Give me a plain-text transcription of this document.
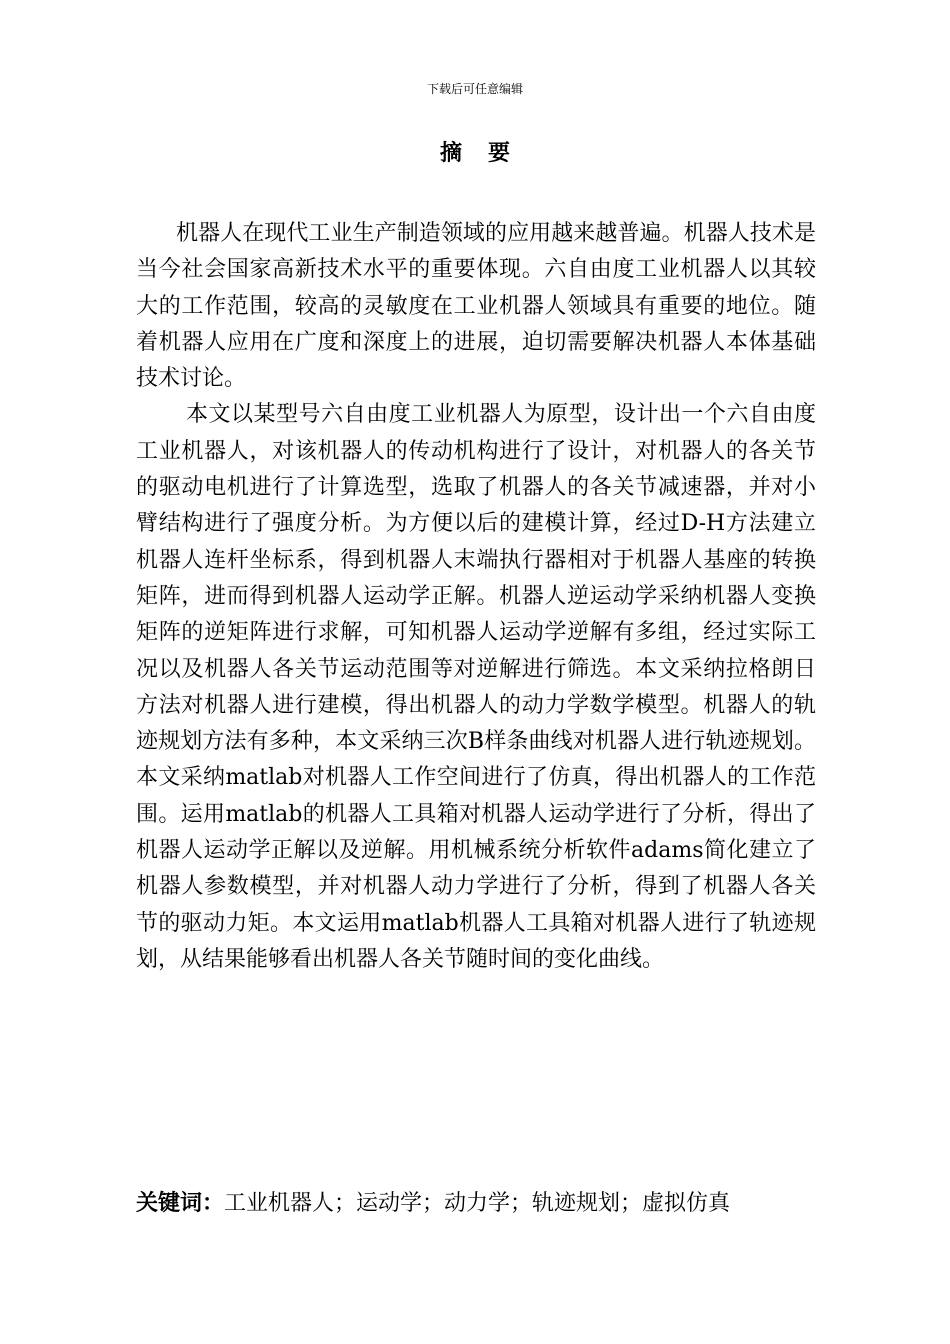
下载后可任意编辑
摘要

机器人在现代工业生产制造领域的应用越来越普遍。机器人技术是当今社会国家高新技术水平的重要体现。六自由度工业机器人以其较大的工作范围，较高的灵敏度在工业机器人领域具有重要的地位。随着机器人应用在广度和深度上的进展，迫切需要解决机器人本体基础技术讨论。

本文以某型号六自由度工业机器人为原型，设计出一个六自由度工业机器人，对该机器人的传动机构进行了设计，对机器人的各关节的驱动电机进行了计算选型，选取了机器人的各关节减速器，并对小臂结构进行了强度分析。为方便以后的建模计算，经过D-H方法建立机器人连杆坐标系，得到机器人末端执行器相对于机器人基座的转换矩阵，进而得到机器人运动学正解。机器人逆运动学采纳机器人变换矩阵的逆矩阵进行求解，可知机器人运动学逆解有多组，经过实际工况以及机器人各关节运动范围等对逆解进行筛选。本文采纳拉格朗日方法对机器人进行建模，得出机器人的动力学数学模型。机器人的轨迹规划方法有多种，本文采纳三次B样条曲线对机器人进行轨迹规划。本文采纳matlab对机器人工作空间进行了仿真，得出机器人的工作范围。运用matlab的机器人工具箱对机器人运动学进行了分析，得出了机器人运动学正解以及逆解。用机械系统分析软件adams简化建立了机器人参数模型，并对机器人动力学进行了分析，得到了机器人各关节的驱动力矩。本文运用matlab机器人工具箱对机器人进行了轨迹规划，从结果能够看出机器人各关节随时间的变化曲线。

关键词：工业机器人；运动学；动力学；轨迹规划；虚拟仿真
